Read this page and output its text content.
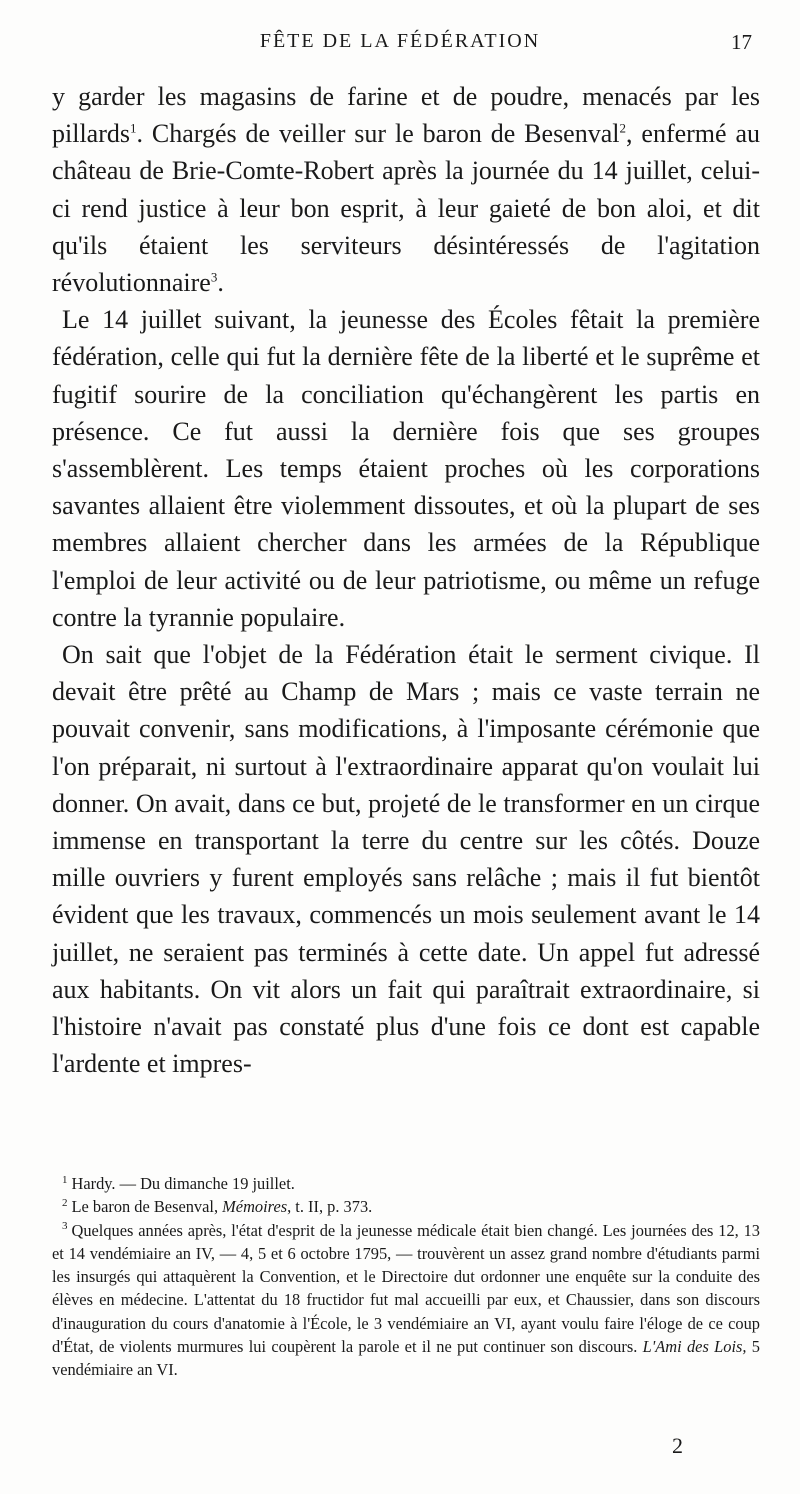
FÊTE DE LA FÉDÉRATION	17

y garder les magasins de farine et de poudre, menacés par les pillards$^1$. Chargés de veiller sur le baron de Besenval$^2$, enfermé au château de Brie-Comte-Robert après la journée du 14 juillet, celui-ci rend justice à leur bon esprit, à leur gaieté de bon aloi, et dit qu'ils étaient les serviteurs désintéressés de l'agitation révolutionnaire$^3$.

Le 14 juillet suivant, la jeunesse des Écoles fêtait la première fédération, celle qui fut la dernière fête de la liberté et le suprême et fugitif sourire de la conciliation qu'échangèrent les partis en présence. Ce fut aussi la dernière fois que ses groupes s'assemblèrent. Les temps étaient proches où les corporations savantes allaient être violemment dissoutes, et où la plupart de ses membres allaient chercher dans les armées de la République l'emploi de leur activité ou de leur patriotisme, ou même un refuge contre la tyrannie populaire.

On sait que l'objet de la Fédération était le serment civique. Il devait être prêté au Champ de Mars ; mais ce vaste terrain ne pouvait convenir, sans modifications, à l'imposante cérémonie que l'on préparait, ni surtout à l'extraordinaire apparat qu'on voulait lui donner. On avait, dans ce but, projeté de le transformer en un cirque immense en transportant la terre du centre sur les côtés. Douze mille ouvriers y furent employés sans relâche ; mais il fut bientôt évident que les travaux, commencés un mois seulement avant le 14 juillet, ne seraient pas terminés à cette date. Un appel fut adressé aux habitants. On vit alors un fait qui paraîtrait extraordinaire, si l'histoire n'avait pas constaté plus d'une fois ce dont est capable l'ardente et impres-

$^1$ Hardy. — Du dimanche 19 juillet.

$^2$ Le baron de Besenval, Mémoires, t. II, p. 373.

$^3$ Quelques années après, l'état d'esprit de la jeunesse médicale était bien changé. Les journées des 12, 13 et 14 vendémiaire an IV, — 4, 5 et 6 octobre 1795, — trouvèrent un assez grand nombre d'étudiants parmi les insurgés qui attaquèrent la Convention, et le Directoire dut ordonner une enquête sur la conduite des élèves en médecine. L'attentat du 18 fructidor fut mal accueilli par eux, et Chaussier, dans son discours d'inauguration du cours d'anatomie à l'École, le 3 vendémiaire an VI, ayant voulu faire l'éloge de ce coup d'État, de violents murmures lui coupèrent la parole et il ne put continuer son discours. L'Ami des Lois, 5 vendémiaire an VI.

2
